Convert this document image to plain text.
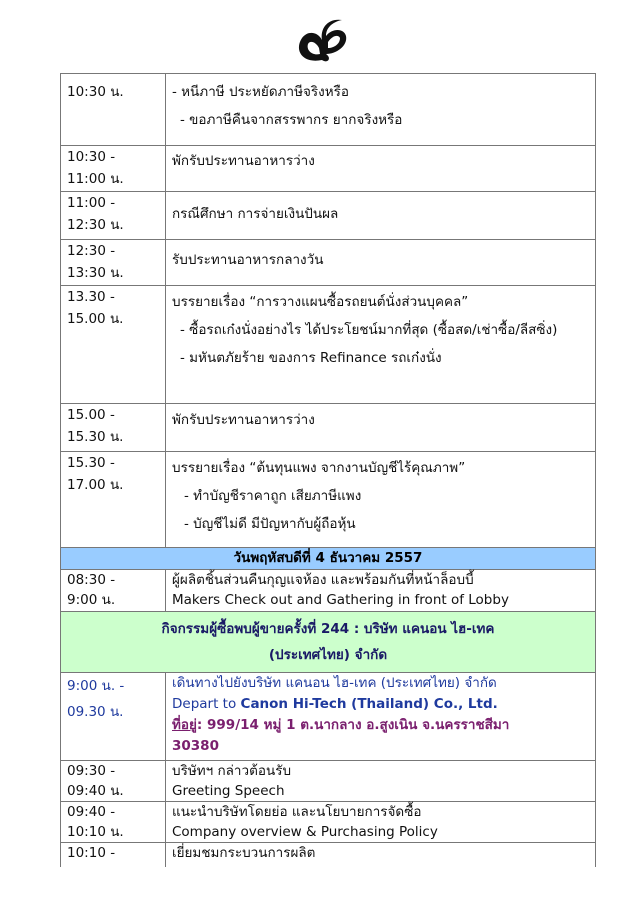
10:30 น.	- หนีภาษี ประหยัดภาษีจริงหรือ
- ขอภาษีคืนจากสรรพากร ยากจริงหรือ

10:30 -
11:00 น.	พักรับประทานอาหารว่าง

11:00 -
12:30 น.	กรณีศึกษา การจ่ายเงินปันผล

12:30 -
13:30 น.	รับประทานอาหารกลางวัน

13.30 -
15.00 น.	บรรยายเรื่อง “การวางแผนซื้อรถยนต์นั่งส่วนบุคคล”
- ซื้อรถเก๋งนั่งอย่างไร ได้ประโยชน์มากที่สุด (ซื้อสด/เช่าซื้อ/ลีสซิ่ง)
- มหันตภัยร้าย ของการ Refinance รถเก๋งนั่ง

15.00 -
15.30 น.	พักรับประทานอาหารว่าง

15.30 -
17.00 น.	บรรยายเรื่อง “ต้นทุนแพง จากงานบัญชีไร้คุณภาพ”
- ทำบัญชีราคาถูก เสียภาษีแพง
- บัญชีไม่ดี มีปัญหากับผู้ถือหุ้น

วันพฤหัสบดีที่ 4 ธันวาคม 2557	

08:30 -
9:00 น.	ผู้ผลิตชิ้นส่วนคืนกุญแจห้อง และพร้อมกันที่หน้าล็อบบี้
Makers Check out and Gathering in front of Lobby

กิจกรรมผู้ซื้อพบผู้ขายครั้งที่ 244 : บริษัท แคนอน ไฮ-เทค
(ประเทศไทย) จำกัด	

9:00 น. -
09.30 น.	เดินทางไปยังบริษัท แคนอน ไฮ-เทค (ประเทศไทย) จำกัด
Depart to Canon Hi-Tech (Thailand) Co., Ltd.
ที่อยู่: 999/14 หมู่ 1 ต.นากลาง อ.สูงเนิน จ.นครราชสีมา
30380

09:30 -
09:40 น.	บริษัทฯ กล่าวต้อนรับ
Greeting Speech

09:40 -
10:10 น.	แนะนำบริษัทโดยย่อ และนโยบายการจัดซื้อ
Company overview & Purchasing Policy

10:10 -	เยี่ยมชมกระบวนการผลิต
